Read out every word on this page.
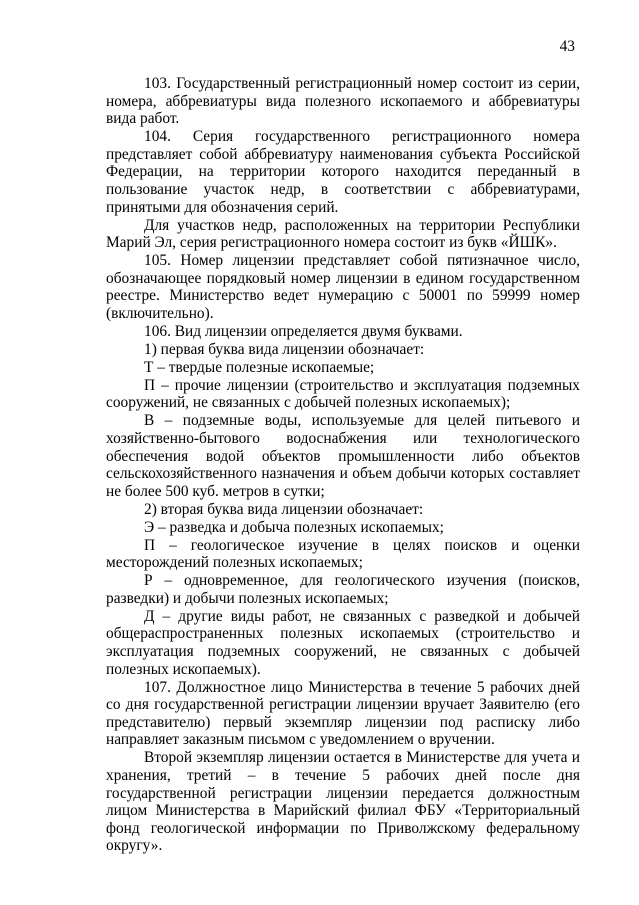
43

103. Государственный регистрационный номер состоит из серии, номера, аббревиатуры вида полезного ископаемого и аббревиатуры вида работ.

104. Серия государственного регистрационного номера представляет собой аббревиатуру наименования субъекта Российской Федерации, на территории которого находится переданный в пользование участок недр, в соответствии с аббревиатурами, принятыми для обозначения серий.

Для участков недр, расположенных на территории Республики Марий Эл, серия регистрационного номера состоит из букв «ЙШК».

105. Номер лицензии представляет собой пятизначное число, обозначающее порядковый номер лицензии в едином государственном реестре. Министерство ведет нумерацию с 50001 по 59999 номер (включительно).

106. Вид лицензии определяется двумя буквами.

1) первая буква вида лицензии обозначает:

Т – твердые полезные ископаемые;

П – прочие лицензии (строительство и эксплуатация подземных сооружений, не связанных с добычей полезных ископаемых);

В – подземные воды, используемые для целей питьевого и хозяйственно-бытового водоснабжения или технологического обеспечения водой объектов промышленности либо объектов сельскохозяйственного назначения и объем добычи которых составляет не более 500 куб. метров в сутки;

2) вторая буква вида лицензии обозначает:

Э – разведка и добыча полезных ископаемых;

П – геологическое изучение в целях поисков и оценки месторождений полезных ископаемых;

Р – одновременное, для геологического изучения (поисков, разведки) и добычи полезных ископаемых;

Д – другие виды работ, не связанных с разведкой и добычей общераспространенных полезных ископаемых (строительство и эксплуатация подземных сооружений, не связанных с добычей полезных ископаемых).

107. Должностное лицо Министерства в течение 5 рабочих дней со дня государственной регистрации лицензии вручает Заявителю (его представителю) первый экземпляр лицензии под расписку либо направляет заказным письмом с уведомлением о вручении.

Второй экземпляр лицензии остается в Министерстве для учета и хранения, третий – в течение 5 рабочих дней после дня государственной регистрации лицензии передается должностным лицом Министерства в Марийский филиал ФБУ «Территориальный фонд геологической информации по Приволжскому федеральному округу».
